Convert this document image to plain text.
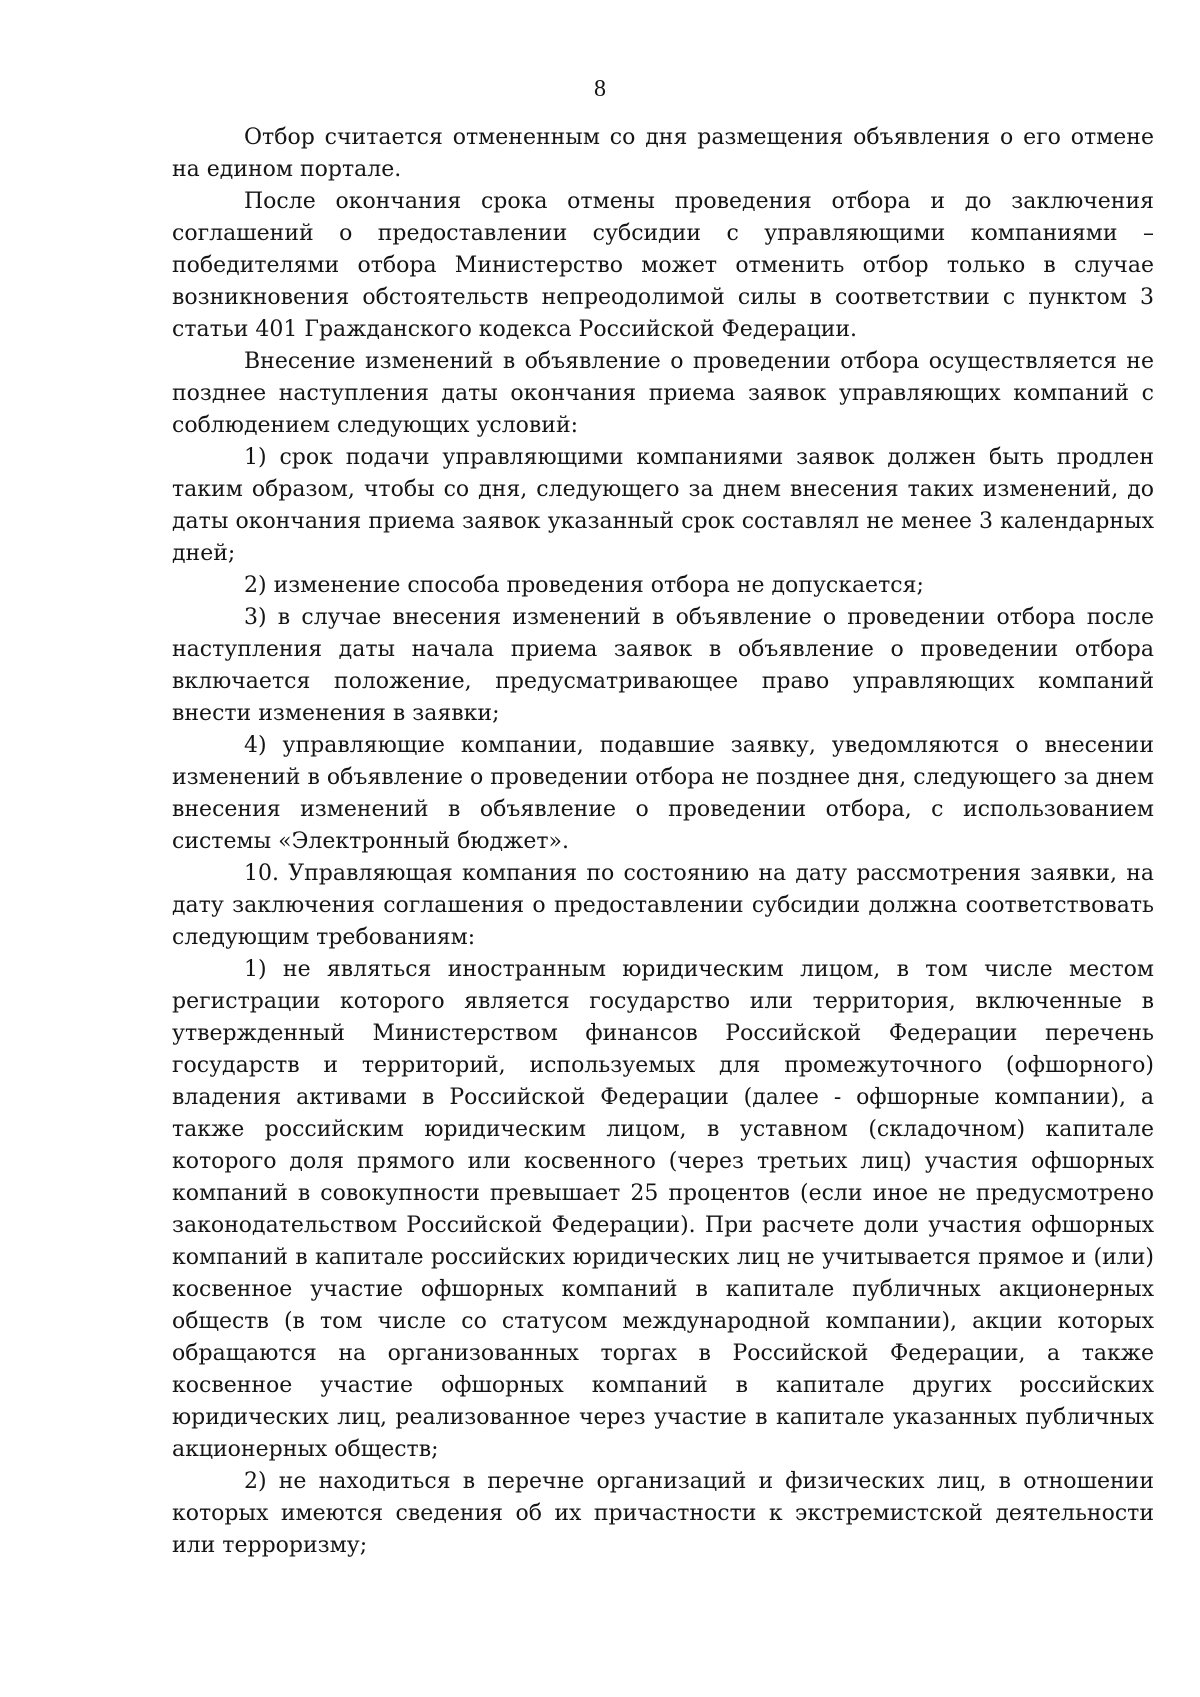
8

Отбор считается отмененным со дня размещения объявления о его отмене на едином портале.

После окончания срока отмены проведения отбора и до заключения соглашений о предоставлении субсидии с управляющими компаниями – победителями отбора Министерство может отменить отбор только в случае возникновения обстоятельств непреодолимой силы в соответствии с пунктом 3 статьи 401 Гражданского кодекса Российской Федерации.

Внесение изменений в объявление о проведении отбора осуществляется не позднее наступления даты окончания приема заявок управляющих компаний с соблюдением следующих условий:

1) срок подачи управляющими компаниями заявок должен быть продлен таким образом, чтобы со дня, следующего за днем внесения таких изменений, до даты окончания приема заявок указанный срок составлял не менее 3 календарных дней;

2) изменение способа проведения отбора не допускается;

3) в случае внесения изменений в объявление о проведении отбора после наступления даты начала приема заявок в объявление о проведении отбора включается положение, предусматривающее право управляющих компаний внести изменения в заявки;

4) управляющие компании, подавшие заявку, уведомляются о внесении изменений в объявление о проведении отбора не позднее дня, следующего за днем внесения изменений в объявление о проведении отбора, с использованием системы «Электронный бюджет».

10. Управляющая компания по состоянию на дату рассмотрения заявки, на дату заключения соглашения о предоставлении субсидии должна соответствовать следующим требованиям:

1) не являться иностранным юридическим лицом, в том числе местом регистрации которого является государство или территория, включенные в утвержденный Министерством финансов Российской Федерации перечень государств и территорий, используемых для промежуточного (офшорного) владения активами в Российской Федерации (далее - офшорные компании), а также российским юридическим лицом, в уставном (складочном) капитале которого доля прямого или косвенного (через третьих лиц) участия офшорных компаний в совокупности превышает 25 процентов (если иное не предусмотрено законодательством Российской Федерации). При расчете доли участия офшорных компаний в капитале российских юридических лиц не учитывается прямое и (или) косвенное участие офшорных компаний в капитале публичных акционерных обществ (в том числе со статусом международной компании), акции которых обращаются на организованных торгах в Российской Федерации, а также косвенное участие офшорных компаний в капитале других российских юридических лиц, реализованное через участие в капитале указанных публичных акционерных обществ;

2) не находиться в перечне организаций и физических лиц, в отношении которых имеются сведения об их причастности к экстремистской деятельности или терроризму;
